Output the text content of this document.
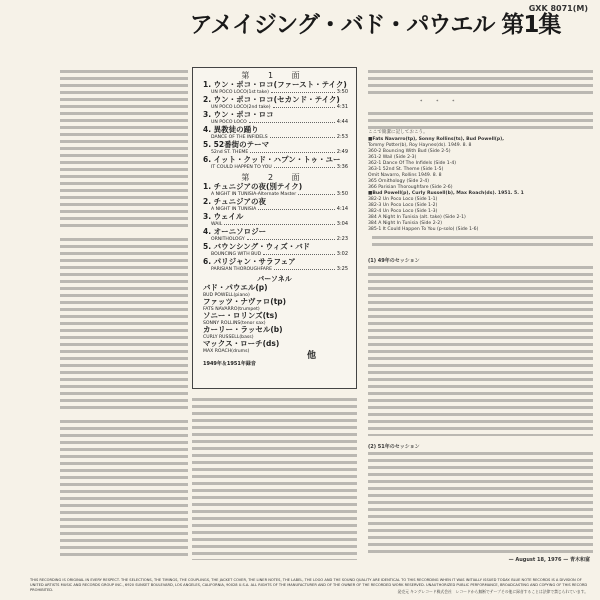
GXK 8071(M)
アメイジング・バド・パウエル 第1集
第 1 面
1. ウン・ポコ・ロコ(ファースト・テイク)
UN POCO LOCO(1st take)	3:50
2. ウン・ポコ・ロコ(セカンド・テイク)
UN POCO LOCO(2nd take)	4:31
3. ウン・ポコ・ロコ
UN POCO LOCO	4:44
4. 異教徒の踊り
DANCE OF THE INFIDELS	2:53
5. 52番街のテーマ
52nd ST. THEME	2:49
6. イット・クッド・ハプン・トゥ・ユー
IT COULD HAPPEN TO YOU	3:36
第 2 面
1. チュニジアの夜(別テイク)
A NIGHT IN TUNISIA-Alternate Master	3:50
2. チュニジアの夜
A NIGHT IN TUNISIA	4:14
3. ウェイル
WAIL	3:04
4. オーニソロジー
ORNITHOLOGY	2:23
5. バウンシング・ウィズ・バド
BOUNCING WITH BUD	3:02
6. パリジャン・サラフェア
PARISIAN THOROUGHFARE	3:25
パーソネル
バド・パウエル(p)
BUD POWELL(piano)
ファッツ・ナヴァロ(tp)
FATS NAVARRO(trumpet)
ソニー・ロリンズ(ts)
SONNY ROLLINS(tenor sax)
カーリー・ラッセル(b)
CURLY RUSSELL(bass)
マックス・ローチ(ds)
MAX ROACH(drums)	他
1949年＆1951年録音
*　　　*　　　*
ここで簡潔に記しておこう。
■Fats Navarro(tp), Sonny Rollins(ts), Bud Powell(p),
Tommy Potter(b), Roy Haynes(ds). 1949. 8. 8
360-2 Bouncing With Bud (Side 2-5)
361-2 Wail (Side 2-3)
362-1 Dance Of The Infidels (Side 1-4)
363-1 52nd St. Theme (Side 1-5)
Omit Navarro, Rollins 1949. 8. 8
365 Ornithology (Side 2-4)
366 Parisian Thoroughfare (Side 2-6)
■Bud Powell(p), Curly Russell(b), Max Roach(ds). 1951. 5. 1
382-2 Un Poco Loco (Side 1-1)
382-3 Un Poco Loco (Side 1-2)
382-4 Un Poco Loco (Side 1-3)
384 A Night In Tunisia (alt. take) (Side 2-1)
384 A Night In Tunisia (Side 2-2)
385-1 It Could Happen To You (p-solo) (Side 1-6)
(1) 49年のセッション
(2) 51年のセッション
— August 18, 1976 — 青木和富
THIS RECORDING IS ORIGINAL IN EVERY RESPECT. THE SELECTIONS, THE TIMINGS, THE COUPLINGS, THE JACKET COVER, THE LINER NOTES, THE LABEL, THE LOGO AND THE SOUND QUALITY ARE IDENTICAL TO THIS RECORDING WHEN IT WAS INITIALLY ISSUED TODAY. BLUE NOTE RECORDS IS A DIVISION OF UNITED ARTISTS MUSIC AND RECORDS GROUP INC., 6920 SUNSET BOULEVARD, LOS ANGELES, CALIFORNIA, 90028 U.S.A. ALL RIGHTS OF THE MANUFACTURER AND OF THE OWNER OF THE RECORDED WORK RESERVED. UNAUTHORIZED PUBLIC PERFORMANCE, BROADCASTING AND COPYING OF THIS RECORD PROHIBITED.	発売元 キングレコード株式会社　レコードから無断でテープその他に録音することは法律で禁じられています。
